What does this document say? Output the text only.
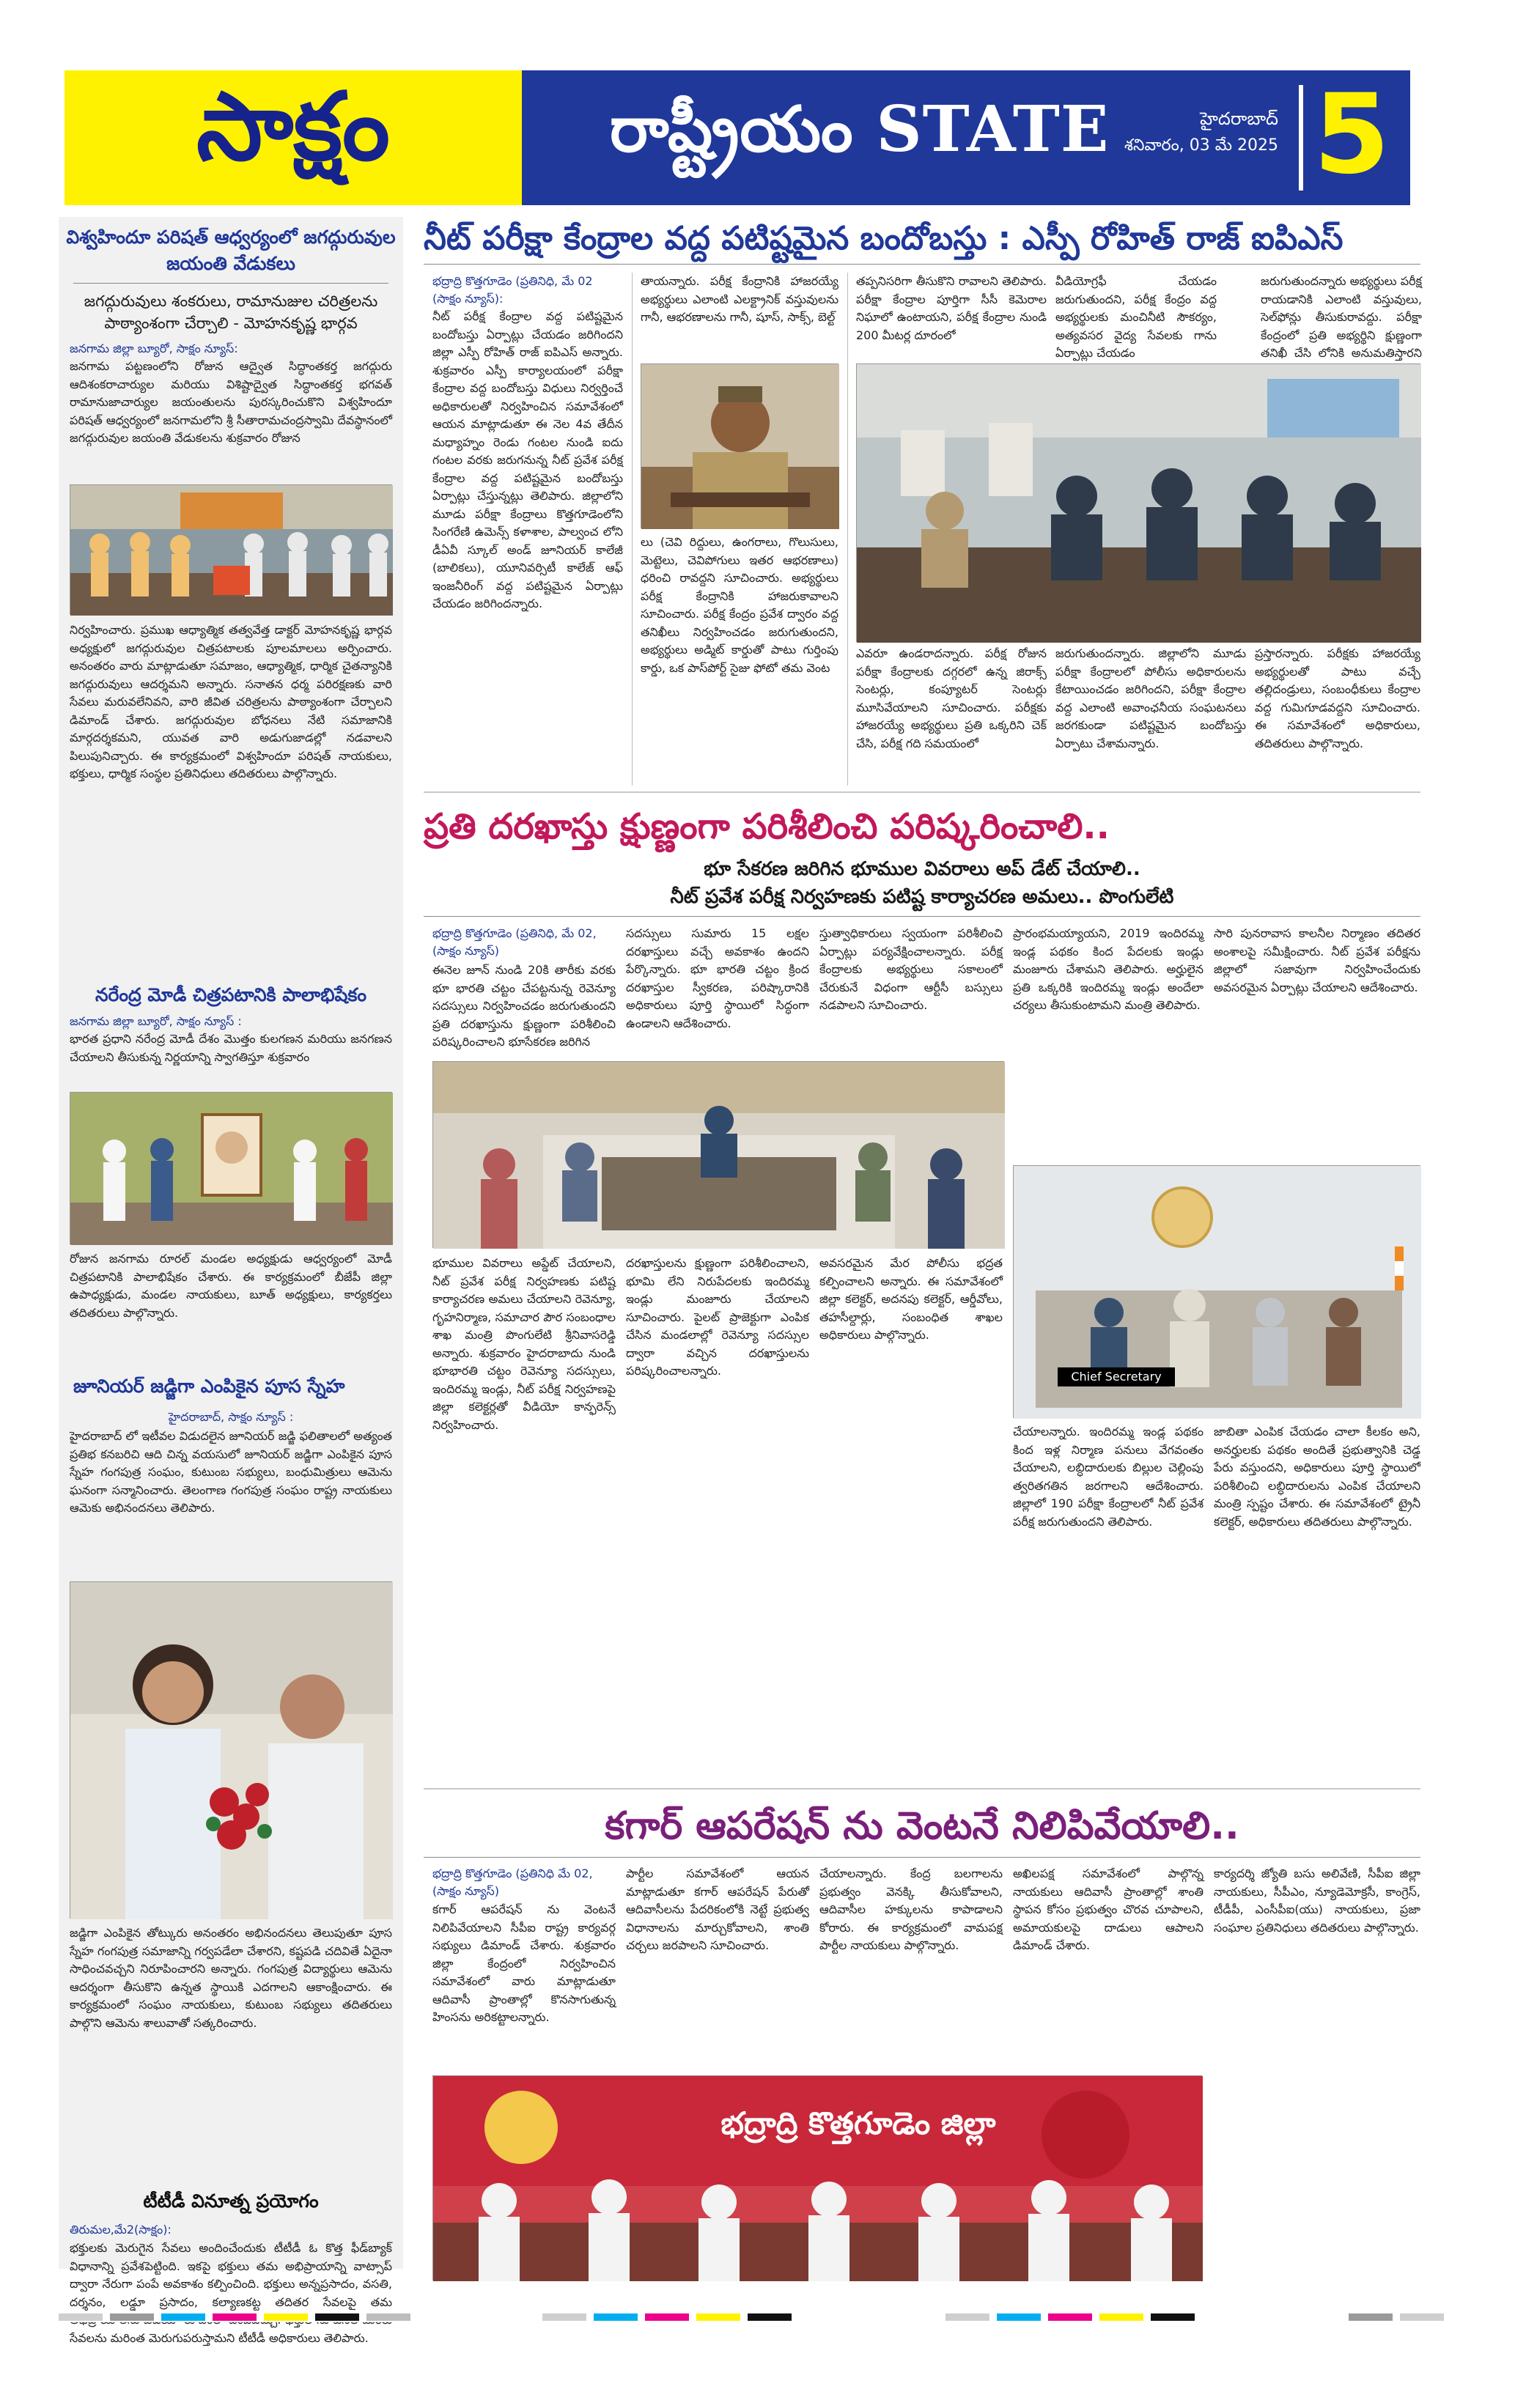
సాక్షం	రాష్ట్రీయం STATE	హైదరాబాద్
శనివారం, 03 మే 2025 5
విశ్వహిందూ పరిషత్ ఆధ్వర్యంలో జగద్గురువుల జయంతి వేడుకలు
జగద్గురువులు శంకరులు, రామానుజుల చరిత్రలను పాఠ్యాంశంగా చేర్చాలి - మోహనకృష్ణ భార్గవ
జనగామ జిల్లా బ్యూరో, సాక్షం న్యూస్:
జనగామ పట్టణంలోని రోజున ఆద్వైత సిద్ధాంతకర్త జగద్గురు ఆదిశంకరాచార్యుల మరియు విశిష్టాద్వైత సిద్ధాంతకర్త భగవత్ రామానుజాచార్యుల జయంతులను పురస్కరించుకొని విశ్వహిందూ పరిషత్ ఆధ్వర్యంలో జనగామలోని శ్రీ సీతారామచంద్రస్వామి దేవస్థానంలో జగద్గురువుల జయంతి వేడుకలను శుక్రవారం రోజున
నిర్వహించారు. ప్రముఖ ఆధ్యాత్మిక తత్వవేత్త డాక్టర్ మోహనకృష్ణ భార్గవ అధ్యక్షులో జగద్గురువుల చిత్రపటాలకు పూలమాలలు అర్పించారు. అనంతరం వారు మాట్లాడుతూ సమాజం, ఆధ్యాత్మిక, ధార్మిక చైతన్యానికి జగద్గురువులు ఆదర్శమని అన్నారు. సనాతన ధర్మ పరిరక్షణకు వారి సేవలు మరువలేనివని, వారి జీవిత చరిత్రలను పాఠ్యాంశంగా చేర్చాలని డిమాండ్ చేశారు. జగద్గురువుల బోధనలు నేటి సమాజానికి మార్గదర్శకమని, యువత వారి అడుగుజాడల్లో నడవాలని పిలుపునిచ్చారు. ఈ కార్యక్రమంలో విశ్వహిందూ పరిషత్ నాయకులు, భక్తులు, ధార్మిక సంస్థల ప్రతినిధులు తదితరులు పాల్గొన్నారు.
నరేంద్ర మోడీ చిత్రపటానికి పాలాభిషేకం
జనగామ జిల్లా బ్యూరో, సాక్షం న్యూస్ :
భారత ప్రధాని నరేంద్ర మోడీ దేశం మొత్తం కులగణన మరియు జనగణన చేయాలని తీసుకున్న నిర్ణయాన్ని స్వాగతిస్తూ శుక్రవారం
రోజున జనగామ రూరల్ మండల అధ్యక్షుడు ఆధ్వర్యంలో మోడీ చిత్రపటానికి పాలాభిషేకం చేశారు. ఈ కార్యక్రమంలో బీజేపీ జిల్లా ఉపాధ్యక్షుడు, మండల నాయకులు, బూత్ అధ్యక్షులు, కార్యకర్తలు తదితరులు పాల్గొన్నారు.
జూనియర్ జడ్జిగా ఎంపికైన పూస స్నేహ
హైదరాబాద్, సాక్షం న్యూస్ :
హైదరాబాద్ లో ఇటీవల విడుదలైన జూనియర్ జడ్జి ఫలితాలలో అత్యంత ప్రతిభ కనబరిచి ఆది చిన్న వయసులో జూనియర్ జడ్జిగా ఎంపికైన పూస స్నేహ గంగపుత్ర సంఘం, కుటుంబ సభ్యులు, బంధుమిత్రులు ఆమెను ఘనంగా సన్మానించారు. తెలంగాణ గంగపుత్ర సంఘం రాష్ట్ర నాయకులు ఆమెకు అభినందనలు తెలిపారు.
జడ్జిగా ఎంపికైన తోట్కురు అనంతరం అభినందనలు తెలుపుతూ పూస స్నేహ గంగపుత్ర సమాజాన్ని గర్వపడేలా చేశారని, కష్టపడి చదివితే ఏదైనా సాధించవచ్చని నిరూపించారని అన్నారు. గంగపుత్ర విద్యార్థులు ఆమెను ఆదర్శంగా తీసుకొని ఉన్నత స్థాయికి ఎదగాలని ఆకాంక్షించారు. ఈ కార్యక్రమంలో సంఘం నాయకులు, కుటుంబ సభ్యులు తదితరులు పాల్గొని ఆమెను శాలువాతో సత్కరించారు.
టీటీడీ వినూత్న ప్రయోగం
తిరుమల,మే2(సాక్షం):
భక్తులకు మెరుగైన సేవలు అందించేందుకు టీటీడీ ఓ కొత్త ఫీడ్‌బ్యాక్ విధానాన్ని ప్రవేశపెట్టింది. ఇకపై భక్తులు తమ అభిప్రాయాన్ని వాట్సాప్ ద్వారా నేరుగా పంపే అవకాశం కల్పించింది. భక్తులు అన్నప్రసాదం, వసతి, దర్శనం, లడ్డూ ప్రసాదం, కల్యాణకట్ట తదితర సేవలపై తమ సేవలను మరింత మెరుగుపరుస్తామని టీటీడీ అధికారులు తెలిపారు.
నీట్ పరీక్షా కేంద్రాల వద్ద పటిష్టమైన బందోబస్తు : ఎస్పీ రోహిత్ రాజ్ ఐపిఎస్
భద్రాద్రి కొత్తగూడెం (ప్రతినిధి, మే 02 (సాక్షం న్యూస్):
నీట్ పరీక్ష కేంద్రాల వద్ద పటిష్టమైన బందోబస్తు ఏర్పాట్లు చేయడం జరిగిందని జిల్లా ఎస్పీ రోహిత్ రాజ్ ఐపిఎస్ అన్నారు. శుక్రవారం ఎస్పీ కార్యాలయంలో పరీక్షా కేంద్రాల వద్ద బందోబస్తు విధులు నిర్వర్తించే అధికారులతో నిర్వహించిన సమావేశంలో ఆయన మాట్లాడుతూ ఈ నెల 4వ తేదీన మధ్యాహ్నం రెండు గంటల నుండి ఐదు గంటల వరకు జరుగనున్న నీట్ ప్రవేశ పరీక్ష కేంద్రాల వద్ద పటిష్టమైన బందోబస్తు ఏర్పాట్లు చేస్తున్నట్లు తెలిపారు. జిల్లాలోని మూడు పరీక్షా కేంద్రాలు కొత్తగూడెంలోని సింగరేణి ఉమెన్స్ కళాశాల, పాల్వంచ లోని డీఏవీ స్కూల్ అండ్ జూనియర్ కాలేజీ (బాలికలు), యూనివర్సిటీ కాలేజ్ ఆఫ్ ఇంజనీరింగ్ వద్ద పటిష్టమైన ఏర్పాట్లు చేయడం జరిగిందన్నారు.
తాయన్నారు. పరీక్ష కేంద్రానికి హాజరయ్యే అభ్యర్థులు ఎలాంటి ఎలక్ట్రానిక్ వస్తువులను గానీ, ఆభరణాలను గానీ, షూస్, సాక్స్, బెల్ట్
లు (చెవి రిద్దులు, ఉంగరాలు, గొలుసులు, మెట్టెలు, చెవిపోగులు ఇతర ఆభరణాలు) ధరించి రావద్దని సూచించారు. అభ్యర్థులు పరీక్ష కేంద్రానికి హాజరుకావాలని సూచించారు. పరీక్ష కేంద్రం ప్రవేశ ద్వారం వద్ద తనిఖీలు నిర్వహించడం జరుగుతుందని, అభ్యర్థులు అడ్మిట్ కార్డుతో పాటు గుర్తింపు కార్డు, ఒక పాస్‌పోర్ట్ సైజు ఫోటో తమ వెంట
తప్పనిసరిగా తీసుకొని రావాలని తెలిపారు. పరీక్షా కేంద్రాల పూర్తిగా సీసీ కెమెరాల నిఘాలో ఉంటాయని, పరీక్ష కేంద్రాల నుండి 200 మీటర్ల దూరంలో
వీడియోగ్రఫీ చేయడం జరుగుతుందని, పరీక్ష కేంద్రం వద్ద అభ్యర్థులకు మంచినీటి సౌకర్యం, అత్యవసర వైద్య సేవలకు గాను ఏర్పాట్లు చేయడం
జరుగుతుందన్నారు అభ్యర్థులు పరీక్ష రాయడానికి ఎలాంటి వస్తువులు, సెల్‌ఫోన్లు తీసుకురావద్దు. పరీక్షా కేంద్రంలో ప్రతి అభ్యర్థిని క్షుణ్ణంగా తనిఖీ చేసి లోనికి అనుమతిస్తారని
ఎవరూ ఉండరాదన్నారు. పరీక్ష రోజున పరీక్షా కేంద్రాలకు దగ్గరలో ఉన్న జిరాక్స్ సెంటర్లు, కంప్యూటర్ సెంటర్లు మూసివేయాలని సూచించారు. పరీక్షకు హాజరయ్యే అభ్యర్థులు ప్రతి ఒక్కరిని చెక్ చేసి, పరీక్ష గది సమయంలో
జరుగుతుందన్నారు. జిల్లాలోని మూడు పరీక్షా కేంద్రాలలో పోలీసు అధికారులను కేటాయించడం జరిగిందని, పరీక్షా కేంద్రాల వద్ద ఎలాంటి అవాంఛనీయ సంఘటనలు జరగకుండా పటిష్టమైన బందోబస్తు ఏర్పాటు చేశామన్నారు.
ప్రస్తారన్నారు. పరీక్షకు హాజరయ్యే అభ్యర్థులతో పాటు వచ్చే తల్లిదండ్రులు, సంబంధీకులు కేంద్రాల వద్ద గుమిగూడవద్దని సూచించారు. ఈ సమావేశంలో అధికారులు, తదితరులు పాల్గొన్నారు.
ప్రతి దరఖాస్తు క్షుణ్ణంగా పరిశీలించి పరిష్కరించాలి..
భూ సేకరణ జరిగిన భూముల వివరాలు అప్ డేట్ చేయాలి..
నీట్ ప్రవేశ పరీక్ష నిర్వహణకు పటిష్ట కార్యాచరణ అమలు.. పొంగులేటి
భద్రాద్రి కొత్తగూడెం (ప్రతినిధి, మే 02, (సాక్షం న్యూస్)
ఈనెల జూన్ నుండి 20కి తారీకు వరకు భూ భారతి చట్టం చేపట్టనున్న రెవెన్యూ సదస్సులు నిర్వహించడం జరుగుతుందని ప్రతి దరఖాస్తును క్షుణ్ణంగా పరిశీలించి పరిష్కరించాలని భూసేకరణ జరిగిన
సదస్సులు సుమారు 15 లక్షల దరఖాస్తులు వచ్చే అవకాశం ఉందని పేర్కొన్నారు. భూ భారతి చట్టం క్రింద దరఖాస్తుల స్వీకరణ, పరిష్కారానికి అధికారులు పూర్తి స్థాయిలో సిద్ధంగా ఉండాలని ఆదేశించారు.
స్తుత్వాధికారులు స్వయంగా పరిశీలించి ఏర్పాట్లు పర్యవేక్షించాలన్నారు. పరీక్ష కేంద్రాలకు అభ్యర్థులు సకాలంలో చేరుకునే విధంగా ఆర్టీసీ బస్సులు నడపాలని సూచించారు.
ప్రారంభమయ్యాయని, 2019 ఇందిరమ్మ ఇండ్ల పథకం కింద పేదలకు ఇండ్లు మంజూరు చేశామని తెలిపారు. అర్హులైన ప్రతి ఒక్కరికి ఇందిరమ్మ ఇండ్లు అందేలా చర్యలు తీసుకుంటామని మంత్రి తెలిపారు.
సారి పునరావాస కాలనీల నిర్మాణం తదితర అంశాలపై సమీక్షించారు. నీట్ ప్రవేశ పరీక్షను జిల్లాలో సజావుగా నిర్వహించేందుకు అవసరమైన ఏర్పాట్లు చేయాలని ఆదేశించారు.
Chief Secretary
భూముల వివరాలు అప్డేట్ చేయాలని, నీట్ ప్రవేశ పరీక్ష నిర్వహణకు పటిష్ట కార్యాచరణ అమలు చేయాలని రెవెన్యూ, గృహనిర్మాణ, సమాచార పౌర సంబంధాల శాఖ మంత్రి పొంగులేటి శ్రీనివాసరెడ్డి అన్నారు. శుక్రవారం హైదరాబాదు నుండి భూభారతి చట్టం రెవెన్యూ సదస్సులు, ఇందిరమ్మ ఇండ్లు, నీట్ పరీక్ష నిర్వహణపై జిల్లా కలెక్టర్లతో వీడియో కాన్ఫరెన్స్ నిర్వహించారు.
దరఖాస్తులను క్షుణ్ణంగా పరిశీలించాలని, భూమి లేని నిరుపేదలకు ఇందిరమ్మ ఇండ్లు మంజూరు చేయాలని సూచించారు. పైలట్ ప్రాజెక్టుగా ఎంపిక చేసిన మండలాల్లో రెవెన్యూ సదస్సుల ద్వారా వచ్చిన దరఖాస్తులను పరిష్కరించాలన్నారు.
అవసరమైన మేర పోలీసు భద్రత కల్పించాలని అన్నారు. ఈ సమావేశంలో జిల్లా కలెక్టర్, అదనపు కలెక్టర్, ఆర్డీవోలు, తహసీల్దార్లు, సంబంధిత శాఖల అధికారులు పాల్గొన్నారు.
చేయాలన్నారు. ఇందిరమ్మ ఇండ్ల పథకం కింద ఇళ్ల నిర్మాణ పనులు వేగవంతం చేయాలని, లబ్ధిదారులకు బిల్లుల చెల్లింపు త్వరితగతిన జరగాలని ఆదేశించారు. జిల్లాలో 190 పరీక్షా కేంద్రాలలో నీట్ ప్రవేశ పరీక్ష జరుగుతుందని తెలిపారు.
జాబితా ఎంపిక చేయడం చాలా కీలకం అని, అనర్హులకు పథకం అందితే ప్రభుత్వానికి చెడ్డ పేరు వస్తుందని, అధికారులు పూర్తి స్థాయిలో పరిశీలించి లబ్ధిదారులను ఎంపిక చేయాలని మంత్రి స్పష్టం చేశారు. ఈ సమావేశంలో ట్రైనీ కలెక్టర్, అధికారులు తదితరులు పాల్గొన్నారు.
కగార్ ఆపరేషన్ ను వెంటనే నిలిపివేయాలి..
భద్రాద్రి కొత్తగూడెం (ప్రతినిధి మే 02, (సాక్షం న్యూస్)
కగార్ ఆపరేషన్ ను వెంటనే నిలిపివేయాలని సీపీఐ రాష్ట్ర కార్యవర్గ సభ్యులు డిమాండ్ చేశారు. శుక్రవారం జిల్లా కేంద్రంలో నిర్వహించిన సమావేశంలో వారు మాట్లాడుతూ ఆదివాసీ ప్రాంతాల్లో కొనసాగుతున్న హింసను అరికట్టాలన్నారు.
పార్టీల సమావేశంలో ఆయన మాట్లాడుతూ కగార్ ఆపరేషన్ పేరుతో ఆదివాసీలను పేదరికంలోకి నెట్టే ప్రభుత్వ విధానాలను మార్చుకోవాలని, శాంతి చర్చలు జరపాలని సూచించారు.
చేయాలన్నారు. కేంద్ర బలగాలను ప్రభుత్వం వెనక్కి తీసుకోవాలని, ఆదివాసీల హక్కులను కాపాడాలని కోరారు. ఈ కార్యక్రమంలో వామపక్ష పార్టీల నాయకులు పాల్గొన్నారు.
అఖిలపక్ష సమావేశంలో పాల్గొన్న నాయకులు ఆదివాసీ ప్రాంతాల్లో శాంతి స్థాపన కోసం ప్రభుత్వం చొరవ చూపాలని, అమాయకులపై దాడులు ఆపాలని డిమాండ్ చేశారు.
కార్యదర్శి జ్యోతి బసు అలివేణి, సీపీఐ జిల్లా నాయకులు, సీపీఎం, న్యూడెమోక్రసీ, కాంగ్రెస్, టీడీపీ, ఎంసీపీఐ(యు) నాయకులు, ప్రజా సంఘాల ప్రతినిధులు తదితరులు పాల్గొన్నారు.
భద్రాద్రి కొత్తగూడెం జిల్లా
